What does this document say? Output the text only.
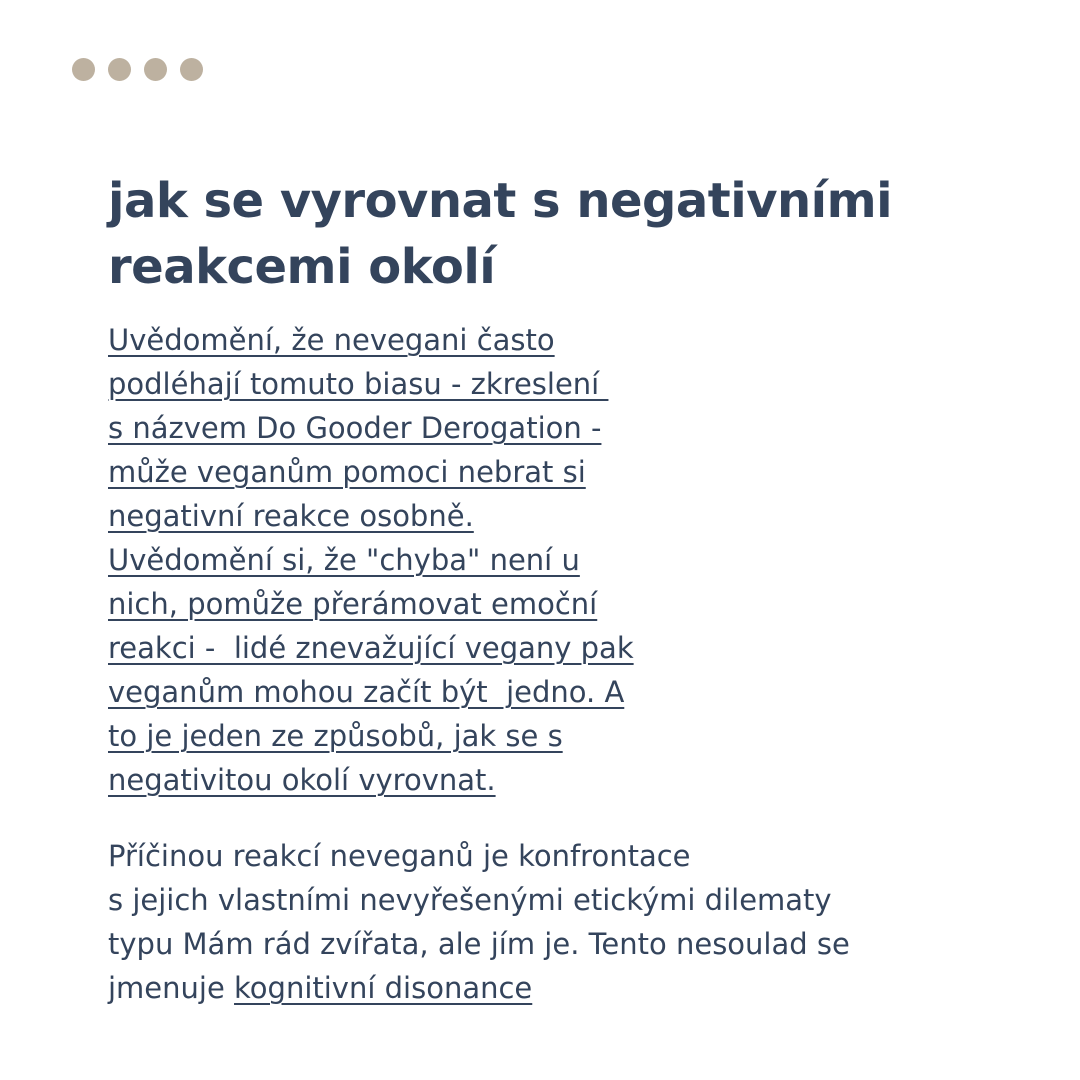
jak se vyrovnat s negativními
reakcemi okolí

Uvědomění, že nevegani často
podléhají tomuto biasu - zkreslení
s názvem Do Gooder Derogation -
může veganům pomoci nebrat si
negativní reakce osobně.
Uvědomění si, že "chyba" není u
nich, pomůže přerámovat emoční
reakci -  lidé znevažující vegany pak
veganům mohou začít být  jedno. A
to je jeden ze způsobů, jak se s
negativitou okolí vyrovnat.

Příčinou reakcí neveganů je konfrontace
s jejich vlastními nevyřešenými etickými dilematy
typu Mám rád zvířata, ale jím je. Tento nesoulad se
jmenuje kognitivní disonance
